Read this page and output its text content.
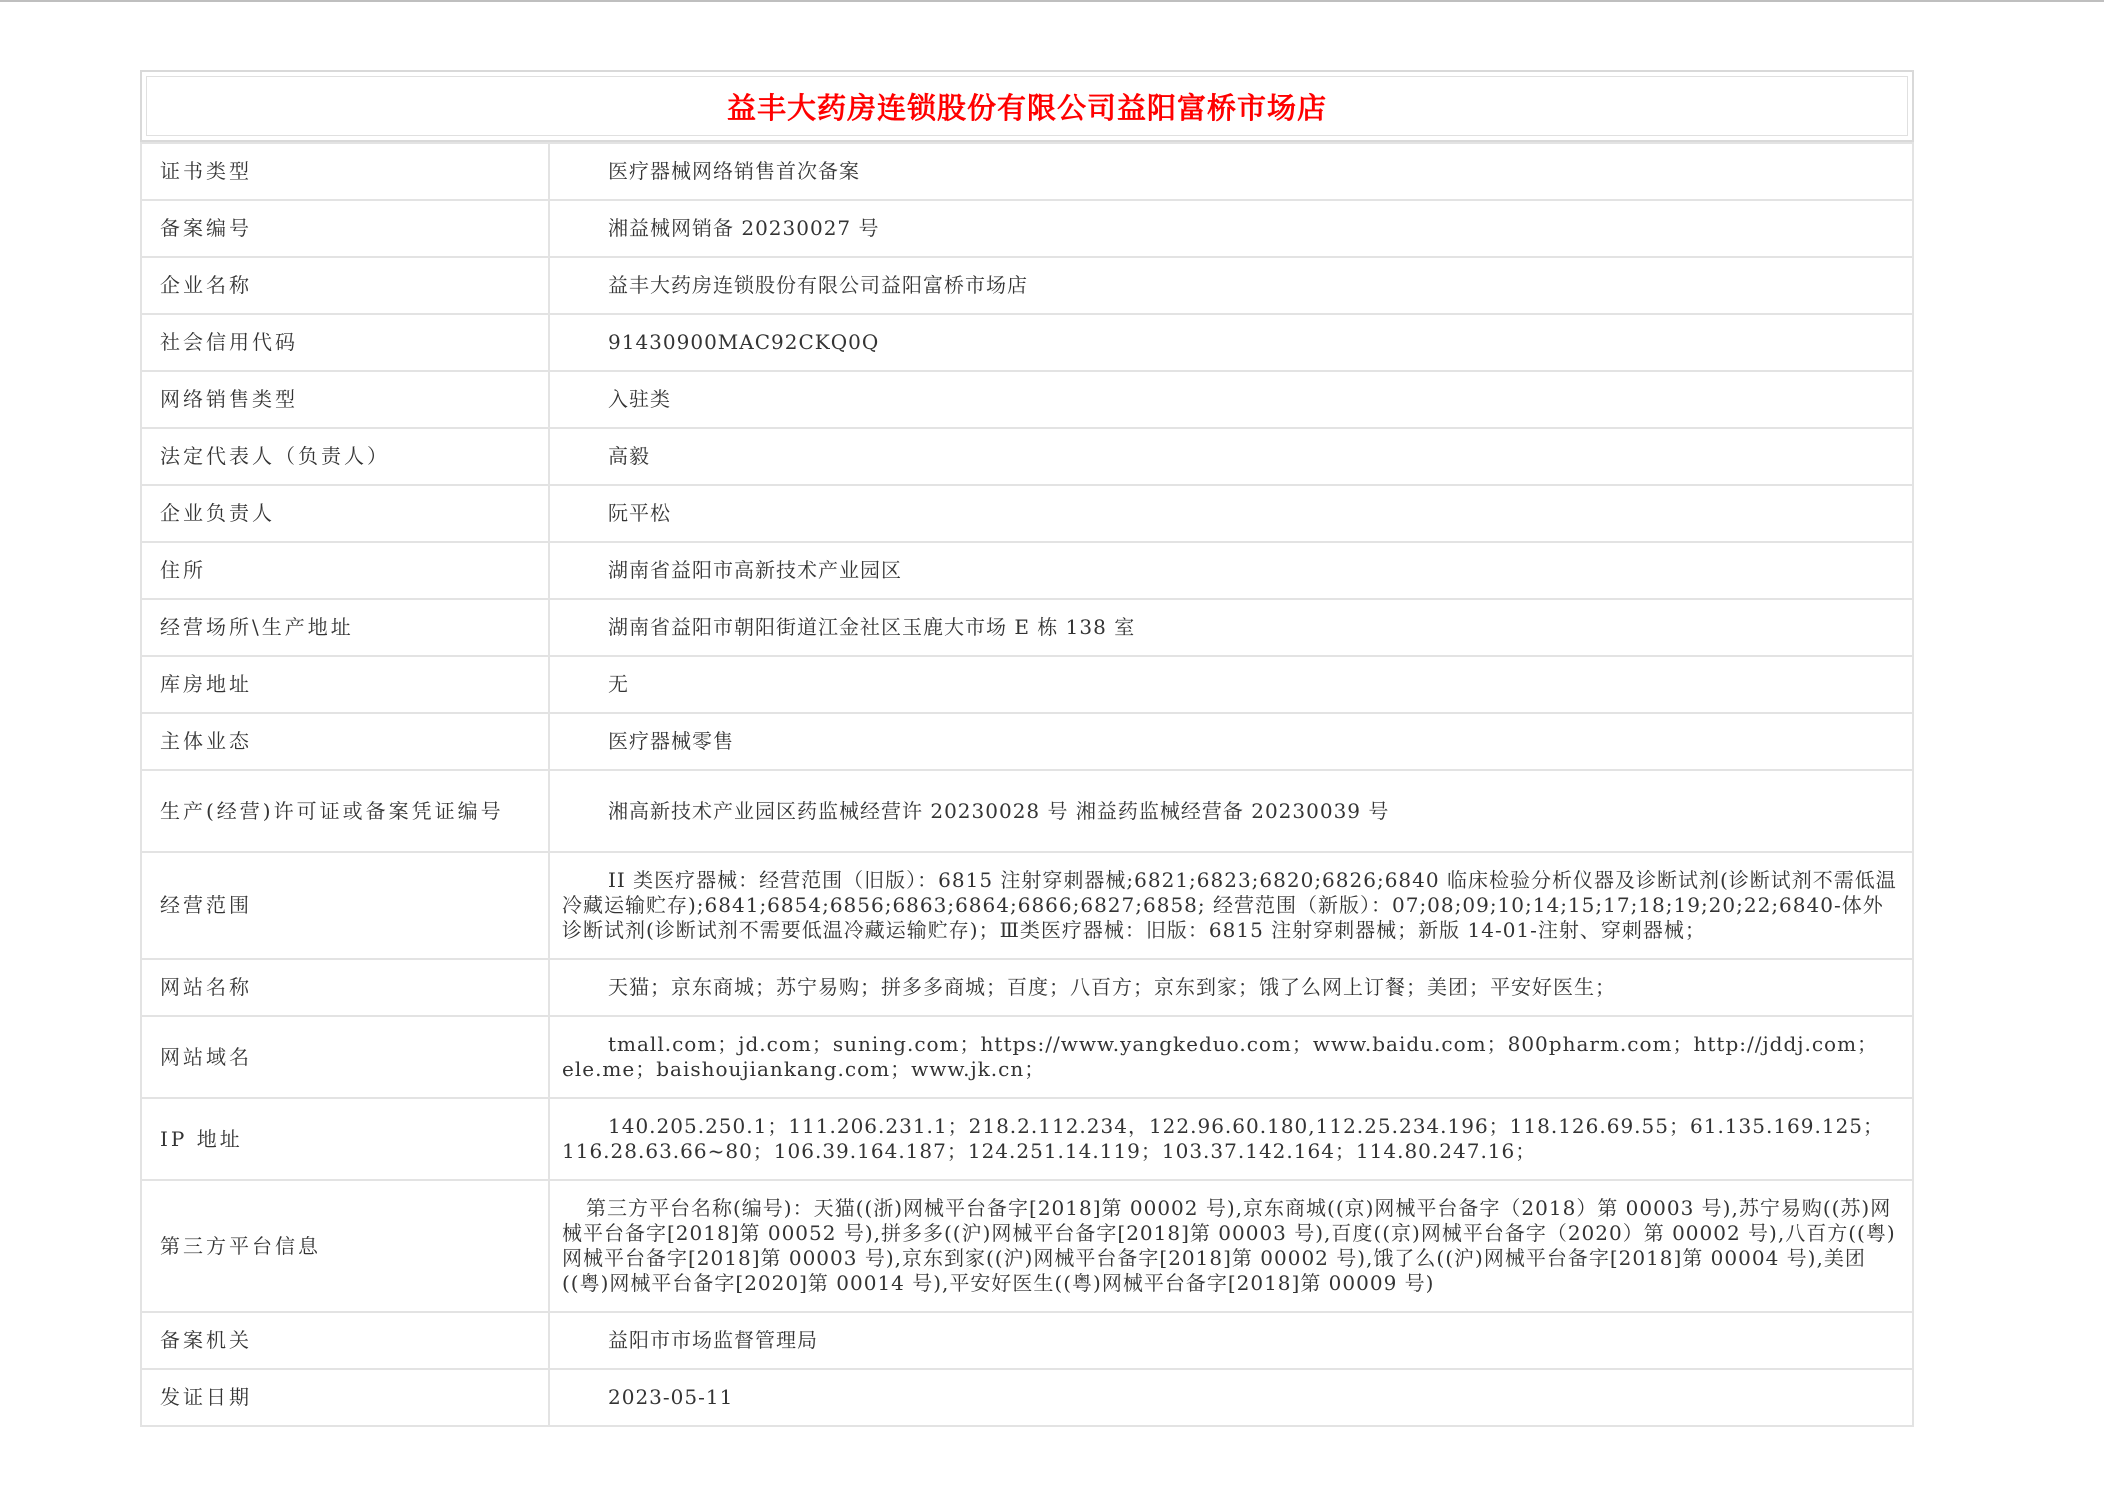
益丰大药房连锁股份有限公司益阳富桥市场店
证书类型	医疗器械网络销售首次备案
备案编号	湘益械网销备 20230027 号
企业名称	益丰大药房连锁股份有限公司益阳富桥市场店
社会信用代码	91430900MAC92CKQ0Q
网络销售类型	入驻类
法定代表人（负责人）	高毅
企业负责人	阮平松
住所	湖南省益阳市高新技术产业园区
经营场所\生产地址	湖南省益阳市朝阳街道江金社区玉鹿大市场 E 栋 138 室
库房地址	无
主体业态	医疗器械零售
生产(经营)许可证或备案凭证编号	湘高新技术产业园区药监械经营许 20230028 号 湘益药监械经营备 20230039 号
经营范围	II 类医疗器械：经营范围（旧版）：6815 注射穿刺器械;6821;6823;6820;6826;6840 临床检验分析仪器及诊断试剂(诊断试剂不需低温冷藏运输贮存);6841;6854;6856;6863;6864;6866;6827;6858; 经营范围（新版）：07;08;09;10;14;15;17;18;19;20;22;6840-体外诊断试剂(诊断试剂不需要低温冷藏运输贮存)；Ⅲ类医疗器械：旧版：6815 注射穿刺器械；新版 14-01-注射、穿刺器械；
网站名称	天猫；京东商城；苏宁易购；拼多多商城；百度；八百方；京东到家；饿了么网上订餐；美团；平安好医生；
网站域名	tmall.com；jd.com；suning.com；https://www.yangkeduo.com；www.baidu.com；800pharm.com；http://jddj.com；ele.me；baishoujiankang.com；www.jk.cn；
IP 地址	140.205.250.1；111.206.231.1；218.2.112.234，122.96.60.180,112.25.234.196；118.126.69.55；61.135.169.125；116.28.63.66~80；106.39.164.187；124.251.14.119；103.37.142.164；114.80.247.16；
第三方平台信息	第三方平台名称(编号)：天猫((浙)网械平台备字[2018]第 00002 号),京东商城((京)网械平台备字（2018）第 00003 号),苏宁易购((苏)网械平台备字[2018]第 00052 号),拼多多((沪)网械平台备字[2018]第 00003 号),百度((京)网械平台备字（2020）第 00002 号),八百方((粤)网械平台备字[2018]第 00003 号),京东到家((沪)网械平台备字[2018]第 00002 号),饿了么((沪)网械平台备字[2018]第 00004 号),美团((粤)网械平台备字[2020]第 00014 号),平安好医生((粤)网械平台备字[2018]第 00009 号)
备案机关	益阳市市场监督管理局
发证日期	2023-05-11
